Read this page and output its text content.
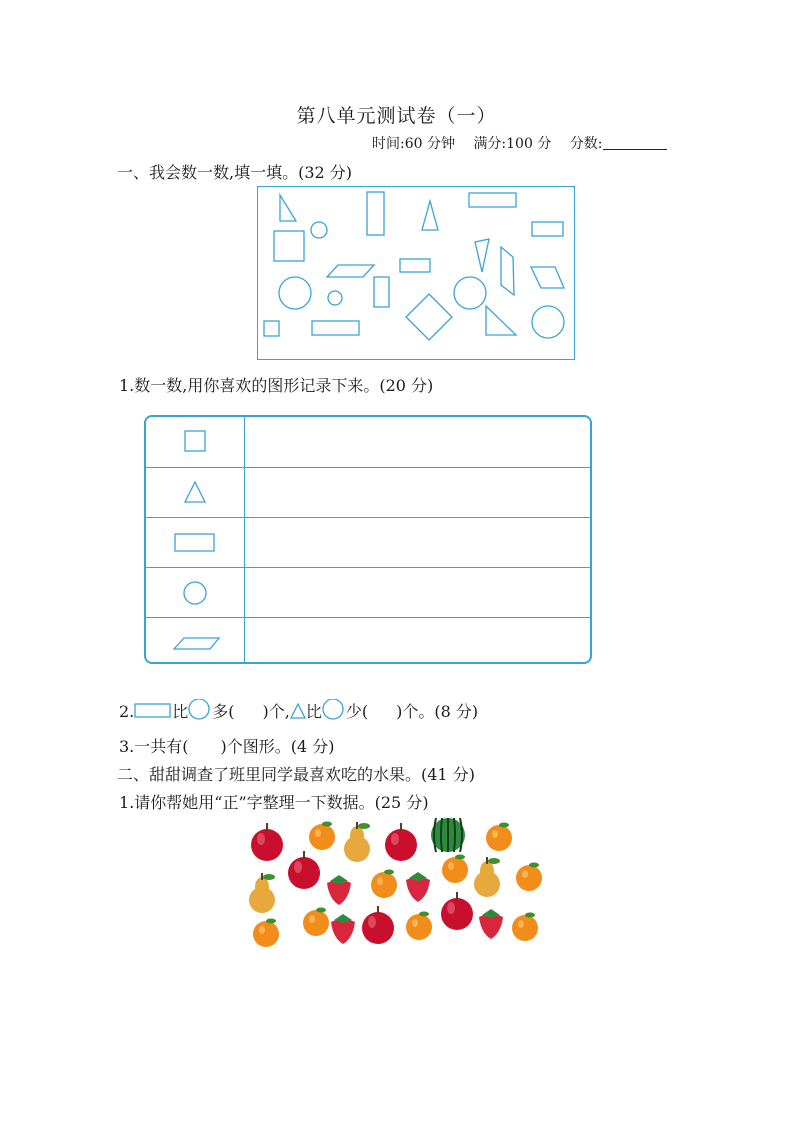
第八单元测试卷（一）
时间:60 分钟 满分:100 分 分数:
一、我会数一数,填一填。(32 分)
1.数一数,用你喜欢的图形记录下来。(20 分)
2. 比 多( )个, 比 少( )个。(8 分)
3.一共有(　　)个图形。(4 分)
二、甜甜调查了班里同学最喜欢吃的水果。(41 分)
1.请你帮她用“正”字整理一下数据。(25 分)
